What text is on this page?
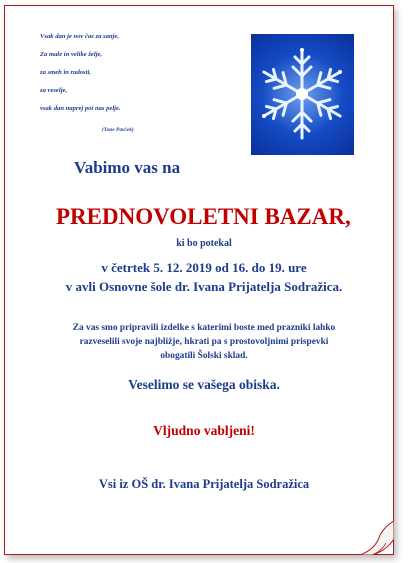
Vsak dan je nov čas za sanje.
Za male in velike želje,
za smeh in radosti,
za veselje,
vsak dan naprej pot nas pelje.
(Tone Pavček)
Vabimo vas na
PREDNOVOLETNI BAZAR,
ki bo potekal
v četrtek 5. 12. 2019 od 16. do 19. ure
v avli Osnovne šole dr. Ivana Prijatelja Sodražica.
Za vas smo pripravili izdelke s katerimi boste med prazniki lahko
razveselili svoje najbližje, hkrati pa s prostovoljnimi prispevki
obogatili Šolski sklad.
Veselimo se vašega obiska.
Vljudno vabljeni!
Vsi iz OŠ dr. Ivana Prijatelja Sodražica
